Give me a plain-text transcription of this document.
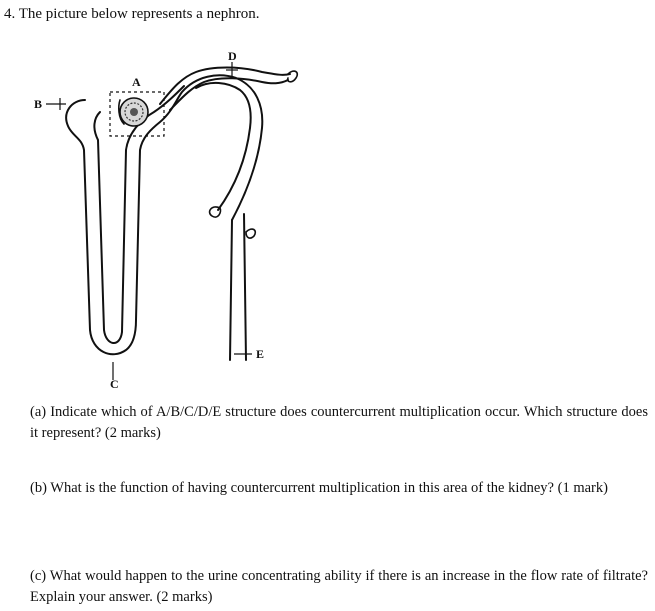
4. The picture below represents a nephron.
A
B
C
D
E
(a) Indicate which of A/B/C/D/E structure does countercurrent multiplication occur. Which structure does it represent? (2 marks)
(b) What is the function of having countercurrent multiplication in this area of the kidney? (1 mark)
(c) What would happen to the urine concentrating ability if there is an increase in the flow rate of filtrate? Explain your answer. (2 marks)
